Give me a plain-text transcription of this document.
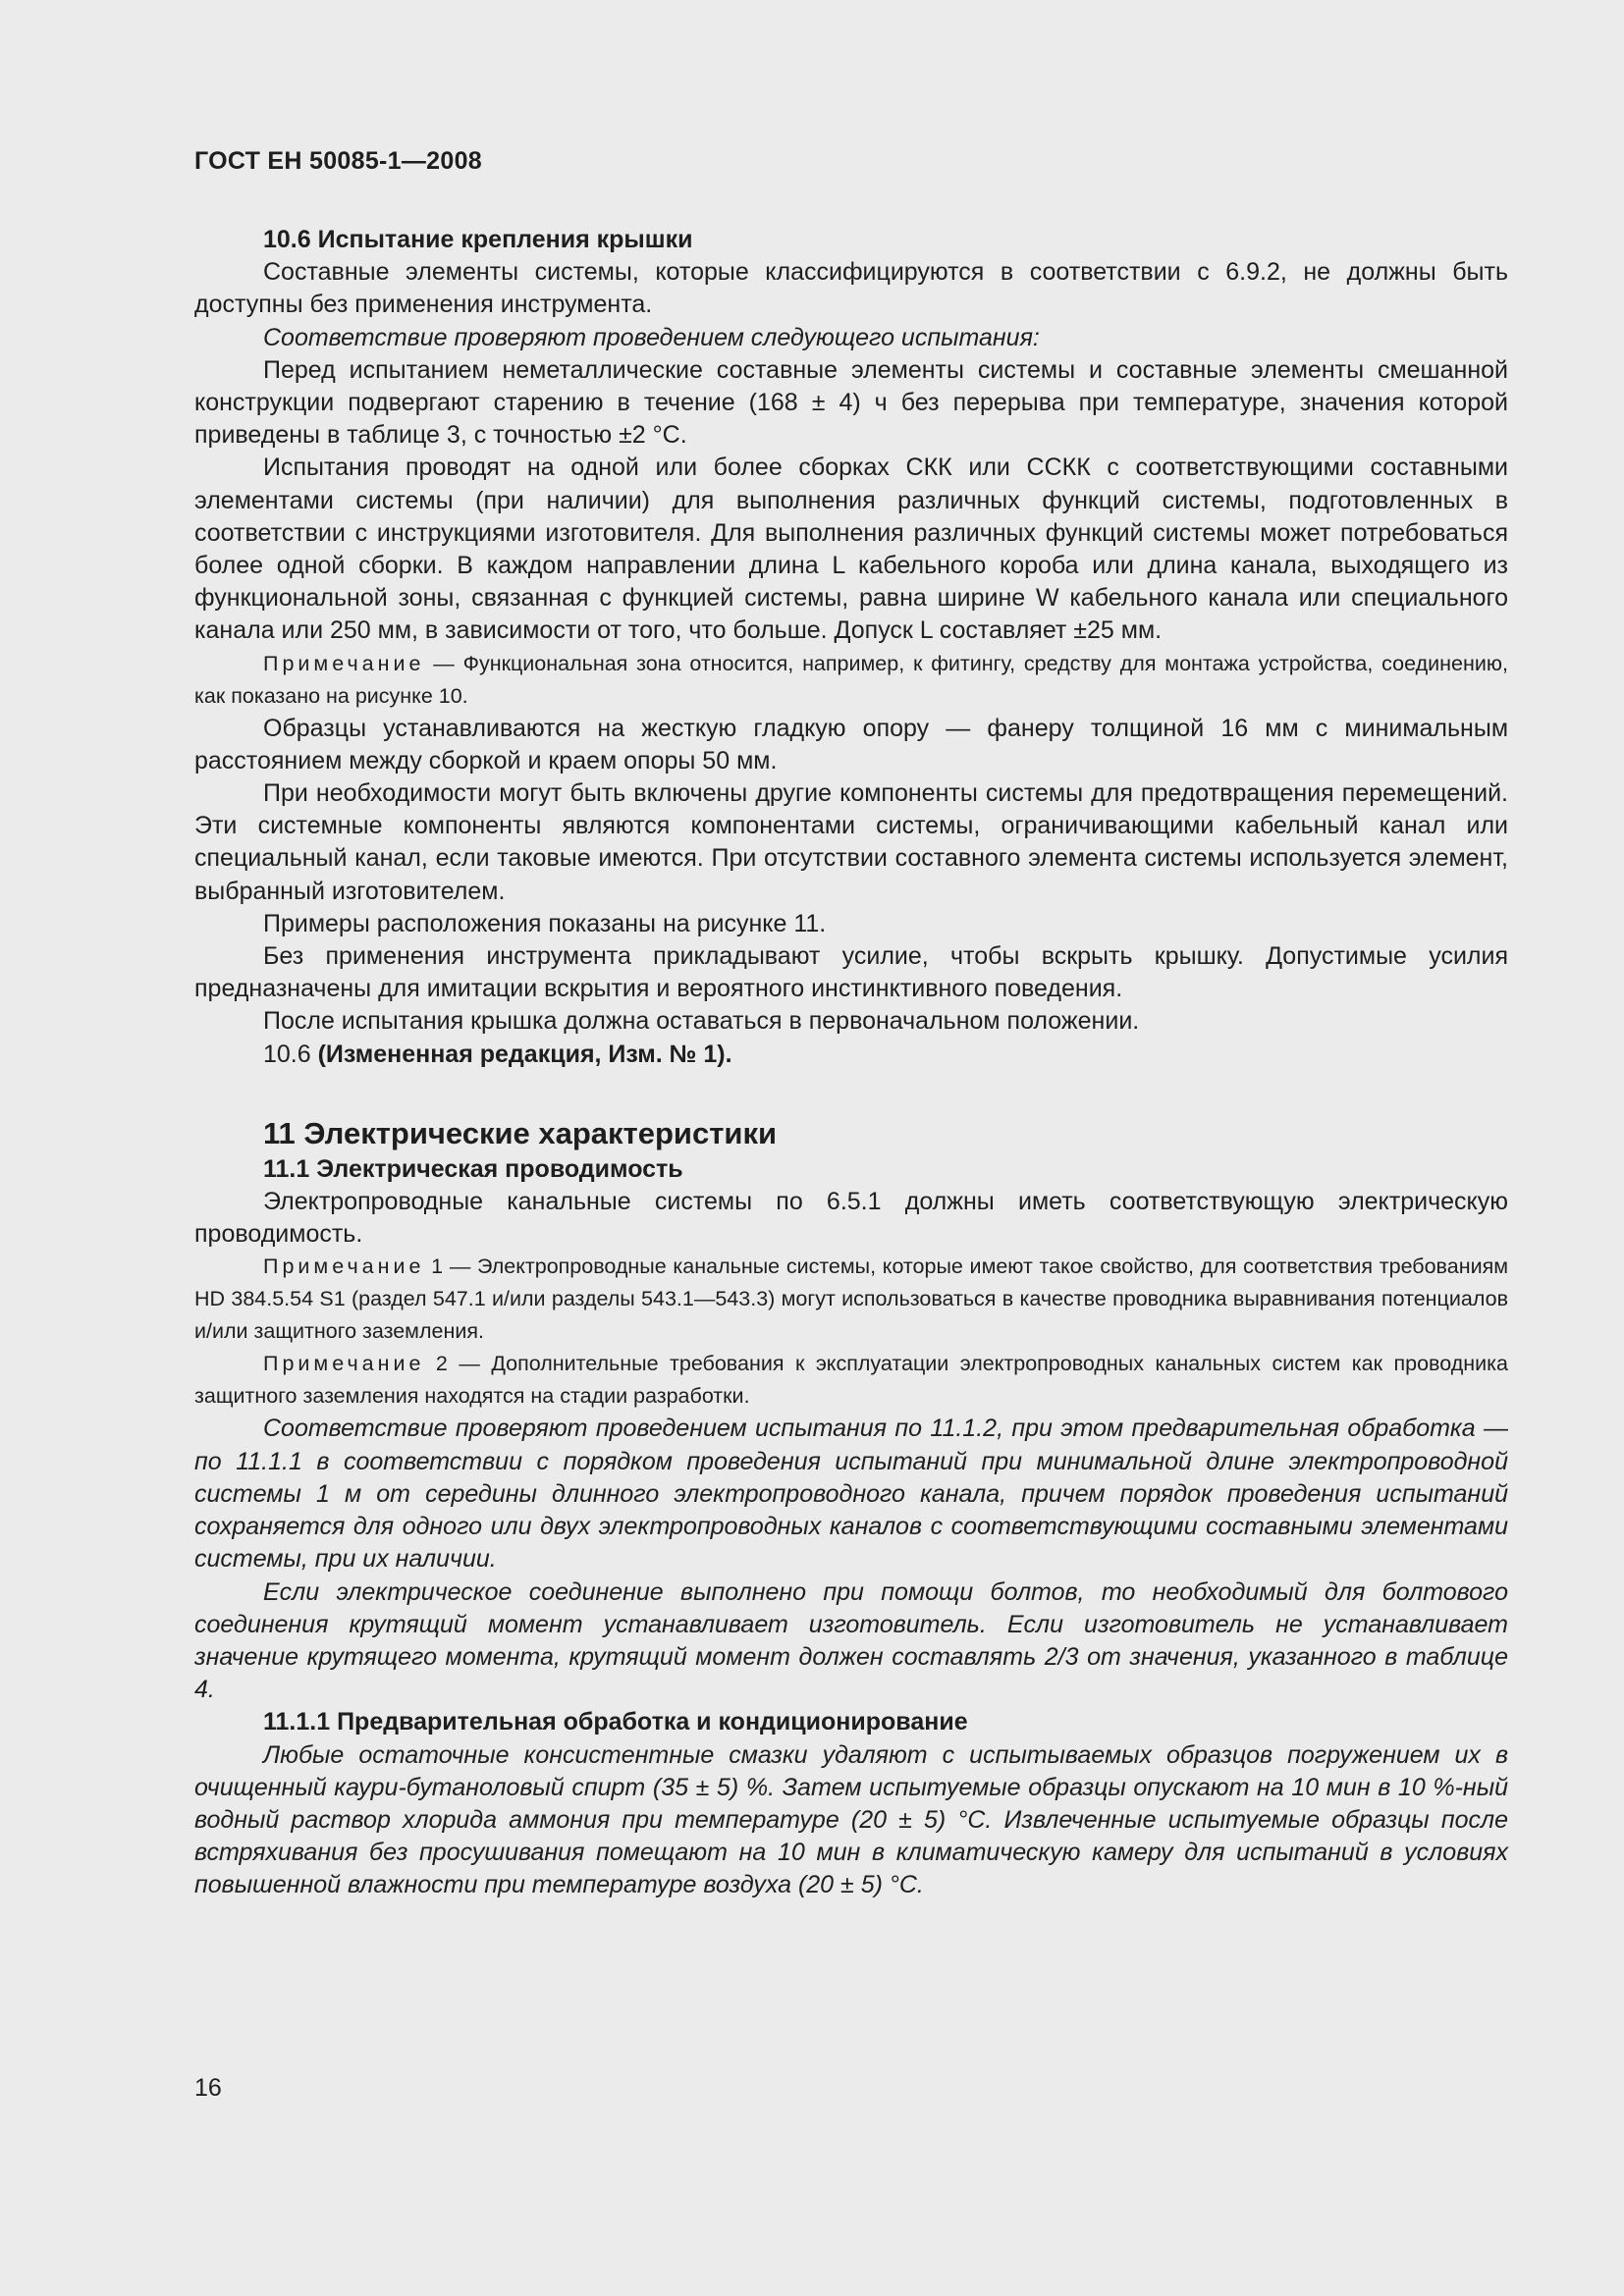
ГОСТ ЕН 50085-1—2008

10.6 Испытание крепления крышки

Составные элементы системы, которые классифицируются в соответствии с 6.9.2, не должны быть доступны без применения инструмента.

Соответствие проверяют проведением следующего испытания:

Перед испытанием неметаллические составные элементы системы и составные элементы смешанной конструкции подвергают старению в течение (168 ± 4) ч без перерыва при температуре, значения которой приведены в таблице 3, с точностью ±2 °С.

Испытания проводят на одной или более сборках СКК или ССКК с соответствующими составными элементами системы (при наличии) для выполнения различных функций системы, подготовленных в соответствии с инструкциями изготовителя. Для выполнения различных функций системы может потребоваться более одной сборки. В каждом направлении длина L кабельного короба или длина канала, выходящего из функциональной зоны, связанная с функцией системы, равна ширине W кабельного канала или специального канала или 250 мм, в зависимости от того, что больше. Допуск L составляет ±25 мм.

Примечание — Функциональная зона относится, например, к фитингу, средству для монтажа устройства, соединению, как показано на рисунке 10.

Образцы устанавливаются на жесткую гладкую опору — фанеру толщиной 16 мм с минимальным расстоянием между сборкой и краем опоры 50 мм.

При необходимости могут быть включены другие компоненты системы для предотвращения перемещений. Эти системные компоненты являются компонентами системы, ограничивающими кабельный канал или специальный канал, если таковые имеются. При отсутствии составного элемента системы используется элемент, выбранный изготовителем.

Примеры расположения показаны на рисунке 11.

Без применения инструмента прикладывают усилие, чтобы вскрыть крышку. Допустимые усилия предназначены для имитации вскрытия и вероятного инстинктивного поведения.

После испытания крышка должна оставаться в первоначальном положении.

10.6 (Измененная редакция, Изм. № 1).

11 Электрические характеристики

11.1 Электрическая проводимость

Электропроводные канальные системы по 6.5.1 должны иметь соответствующую электрическую проводимость.

Примечание 1 — Электропроводные канальные системы, которые имеют такое свойство, для соответствия требованиям HD 384.5.54 S1 (раздел 547.1 и/или разделы 543.1—543.3) могут использоваться в качестве проводника выравнивания потенциалов и/или защитного заземления.

Примечание 2 — Дополнительные требования к эксплуатации электропроводных канальных систем как проводника защитного заземления находятся на стадии разработки.

Соответствие проверяют проведением испытания по 11.1.2, при этом предварительная обработка — по 11.1.1 в соответствии с порядком проведения испытаний при минимальной длине электропроводной системы 1 м от середины длинного электропроводного канала, причем порядок проведения испытаний сохраняется для одного или двух электропроводных каналов с соответствующими составными элементами системы, при их наличии.

Если электрическое соединение выполнено при помощи болтов, то необходимый для болтового соединения крутящий момент устанавливает изготовитель. Если изготовитель не устанавливает значение крутящего момента, крутящий момент должен составлять 2/3 от значения, указанного в таблице 4.

11.1.1 Предварительная обработка и кондиционирование

Любые остаточные консистентные смазки удаляют с испытываемых образцов погружением их в очищенный каури-бутаноловый спирт (35 ± 5) %. Затем испытуемые образцы опускают на 10 мин в 10 %-ный водный раствор хлорида аммония при температуре (20 ± 5) °С. Извлеченные испытуемые образцы после встряхивания без просушивания помещают на 10 мин в климатическую камеру для испытаний в условиях повышенной влажности при температуре воздуха (20 ± 5) °С.

16
